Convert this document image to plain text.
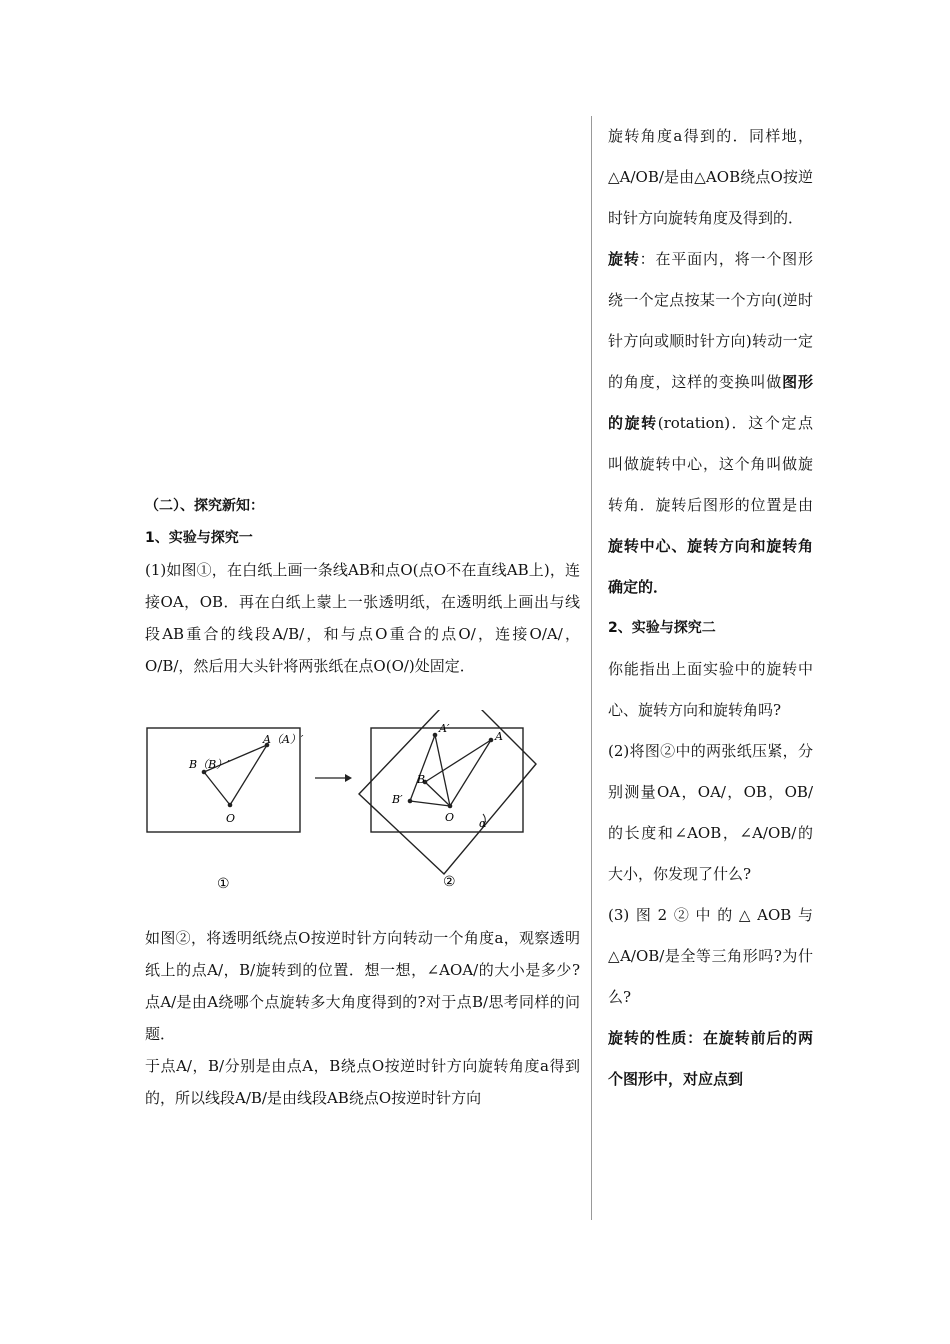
（二）、探究新知：

1、实验与探究一

(1)如图①，在白纸上画一条线AB和点O(点O不在直线AB上)，连接OA，OB．再在白纸上蒙上一张透明纸，在透明纸上画出与线段AB重合的线段A/B/，和与点O重合的点O/，连接O/A/，O/B/，然后用大头针将两张纸在点O(O/)处固定．

A（A）′
B（B）′
O
①
A′
A
B
B′
O α
②

如图②，将透明纸绕点O按逆时针方向转动一个角度a，观察透明纸上的点A/，B/旋转到的位置．想一想，∠AOA/的大小是多少?点A/是由A绕哪个点旋转多大角度得到的?对于点B/思考同样的问题．

于点A/，B/分别是由点A，B绕点O按逆时针方向旋转角度a得到的，所以线段A/B/是由线段AB绕点O按逆时针方向

旋转角度a得到的．同样地，△A/OB/是由△AOB绕点O按逆时针方向旋转角度及得到的．

旋转：在平面内，将一个图形绕一个定点按某一个方向(逆时针方向或顺时针方向)转动一定的角度，这样的变换叫做图形的旋转(rotation)．这个定点叫做旋转中心，这个角叫做旋转角．旋转后图形的位置是由旋转中心、旋转方向和旋转角确定的．

2、实验与探究二

你能指出上面实验中的旋转中心、旋转方向和旋转角吗?

(2)将图②中的两张纸压紧，分别测量OA，OA/，OB，OB/的长度和∠AOB，∠A/OB/的大小，你发现了什么?

(3)图2②中的△AOB与△A/OB/是全等三角形吗?为什么?

旋转的性质：在旋转前后的两个图形中，对应点到
